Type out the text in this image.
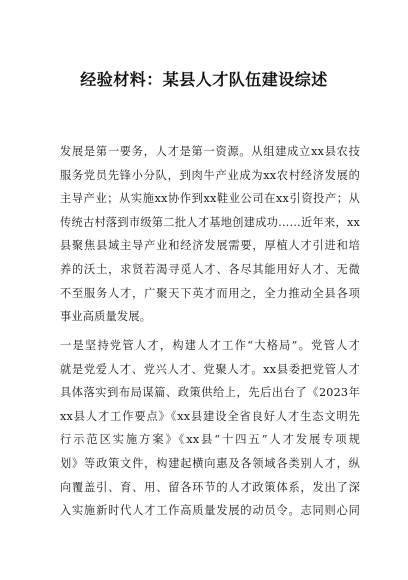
经验材料：某县人才队伍建设综述
发展是第一要务，人才是第一资源。从组建成立xx县农技
服务党员先锋小分队，到肉牛产业成为xx农村经济发展的
主导产业；从实施xx协作到xx鞋业公司在xx引资投产；从
传统古村落到市级第二批人才基地创建成功……近年来，xx
县聚焦县域主导产业和经济发展需要，厚植人才引进和培
养的沃土，求贤若渴寻觅人才、各尽其能用好人才、无微
不至服务人才，广聚天下英才而用之，全力推动全县各项
事业高质量发展。
一是坚持党管人才，构建人才工作“大格局”。党管人才
就是党爱人才、党兴人才、党聚人才。xx县委把党管人才
具体落实到布局谋篇、政策供给上，先后出台了《2023年
xx县人才工作要点》《xx县建设全省良好人才生态文明先
行示范区实施方案》《xx县“十四五”人才发展专项规
划》等政策文件，构建起横向惠及各领域各类别人才，纵
向覆盖引、育、用、留各环节的人才政策体系，发出了深
入实施新时代人才工作高质量发展的动员令。志同则心同
